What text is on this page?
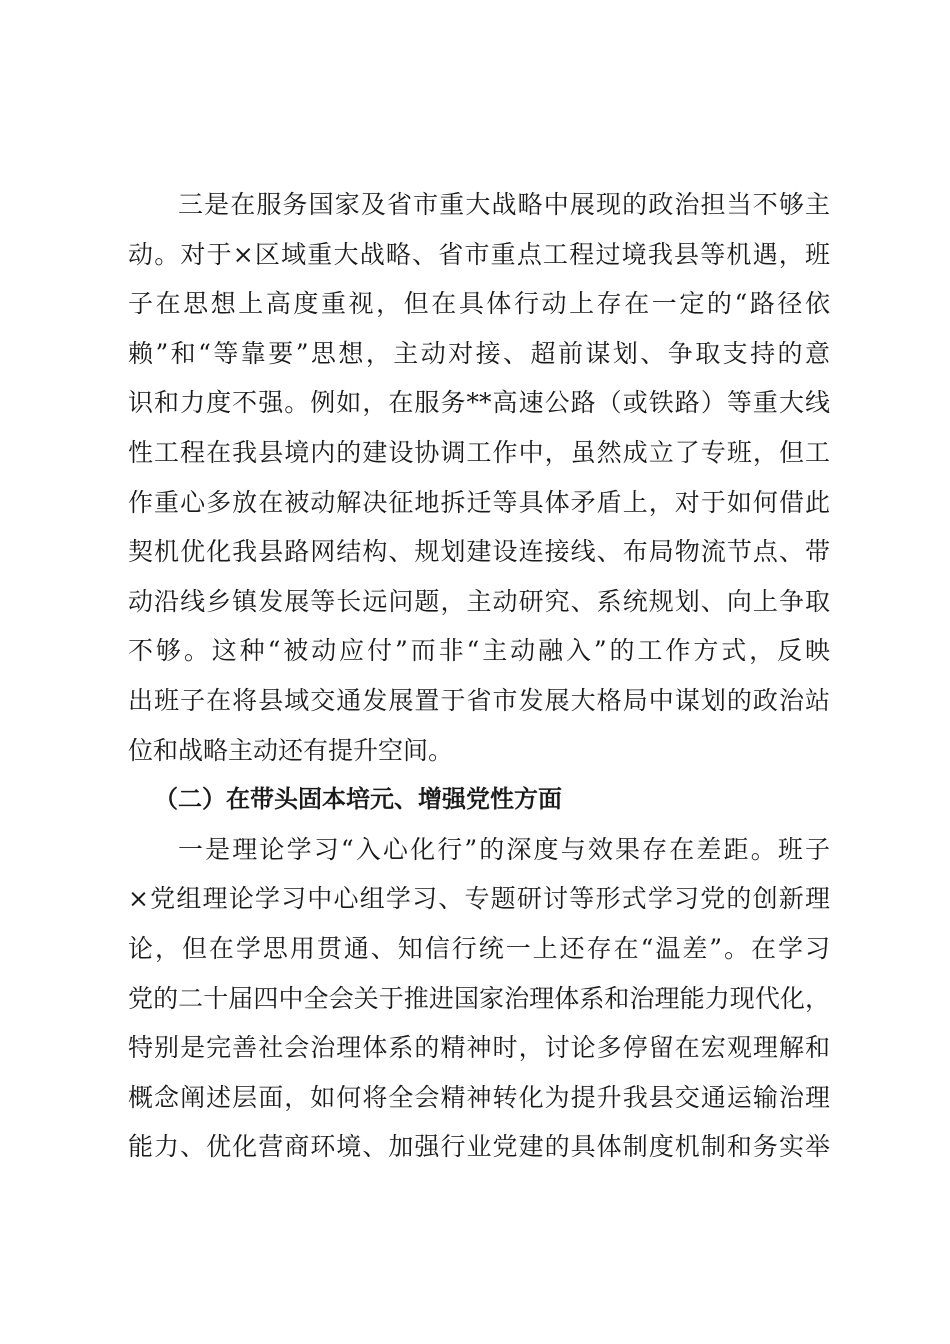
三是在服务国家及省市重大战略中展现的政治担当不够主
动。对于×区域重大战略、省市重点工程过境我县等机遇，班
子在思想上高度重视，但在具体行动上存在一定的“路径依
赖”和“等靠要”思想，主动对接、超前谋划、争取支持的意
识和力度不强。例如，在服务**高速公路（或铁路）等重大线
性工程在我县境内的建设协调工作中，虽然成立了专班，但工
作重心多放在被动解决征地拆迁等具体矛盾上，对于如何借此
契机优化我县路网结构、规划建设连接线、布局物流节点、带
动沿线乡镇发展等长远问题，主动研究、系统规划、向上争取
不够。这种“被动应付”而非“主动融入”的工作方式，反映
出班子在将县域交通发展置于省市发展大格局中谋划的政治站
位和战略主动还有提升空间。
（二）在带头固本培元、增强党性方面
一是理论学习“入心化行”的深度与效果存在差距。班子
×党组理论学习中心组学习、专题研讨等形式学习党的创新理
论，但在学思用贯通、知信行统一上还存在“温差”。在学习
党的二十届四中全会关于推进国家治理体系和治理能力现代化，
特别是完善社会治理体系的精神时，讨论多停留在宏观理解和
概念阐述层面，如何将全会精神转化为提升我县交通运输治理
能力、优化营商环境、加强行业党建的具体制度机制和务实举
